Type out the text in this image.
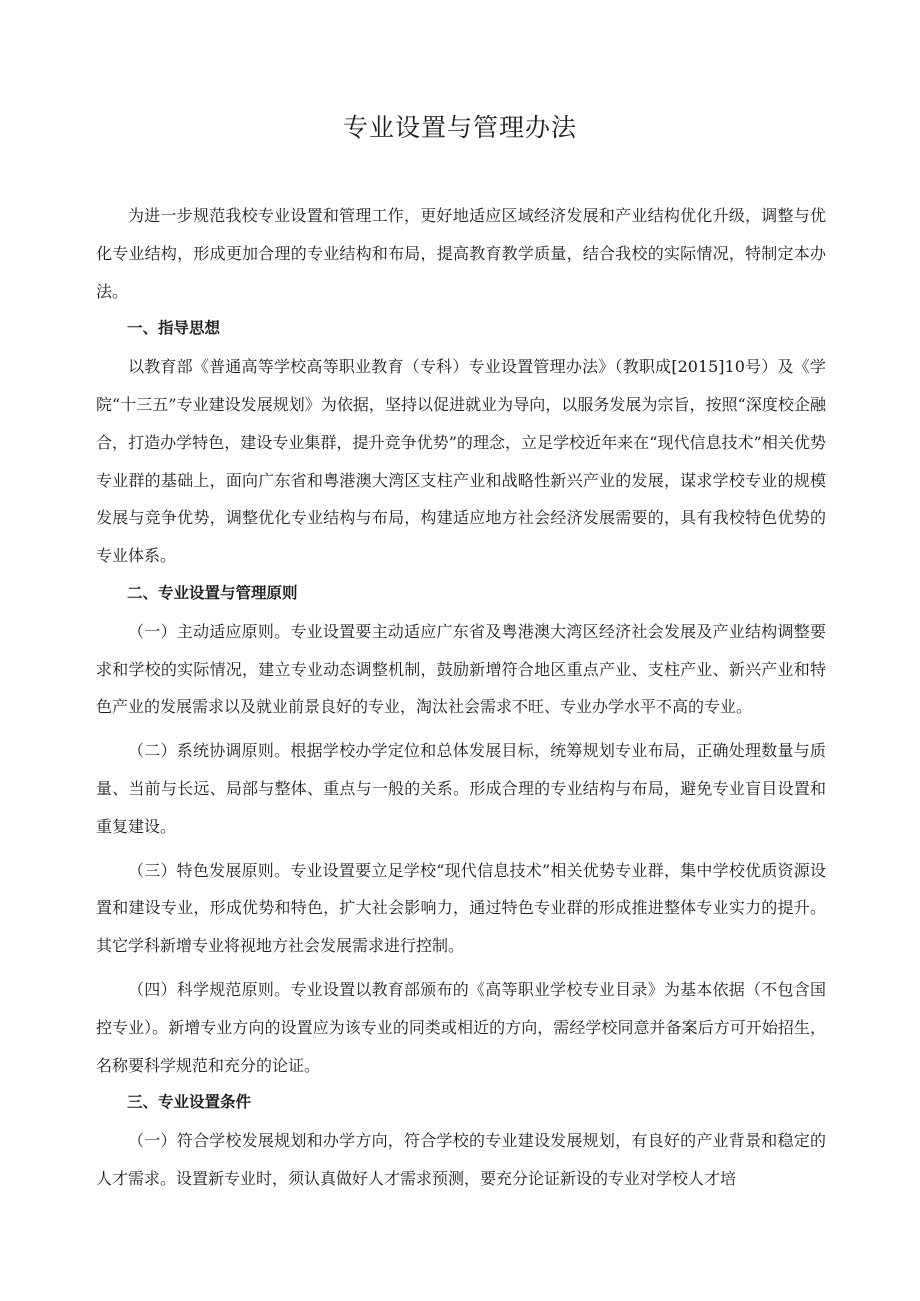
专业设置与管理办法

为进一步规范我校专业设置和管理工作，更好地适应区域经济发展和产业结构优化升级，调整与优化专业结构，形成更加合理的专业结构和布局，提高教育教学质量，结合我校的实际情况，特制定本办法。

一、指导思想

以教育部《普通高等学校高等职业教育（专科）专业设置管理办法》（教职成[2015]10号）及《学院“十三五”专业建设发展规划》为依据，坚持以促进就业为导向，以服务发展为宗旨，按照“深度校企融合，打造办学特色，建设专业集群，提升竞争优势”的理念，立足学校近年来在“现代信息技术”相关优势专业群的基础上，面向广东省和粤港澳大湾区支柱产业和战略性新兴产业的发展，谋求学校专业的规模发展与竞争优势，调整优化专业结构与布局，构建适应地方社会经济发展需要的，具有我校特色优势的专业体系。

二、专业设置与管理原则

（一）主动适应原则。专业设置要主动适应广东省及粤港澳大湾区经济社会发展及产业结构调整要求和学校的实际情况，建立专业动态调整机制，鼓励新增符合地区重点产业、支柱产业、新兴产业和特色产业的发展需求以及就业前景良好的专业，淘汰社会需求不旺、专业办学水平不高的专业。

（二）系统协调原则。根据学校办学定位和总体发展目标，统筹规划专业布局，正确处理数量与质量、当前与长远、局部与整体、重点与一般的关系。形成合理的专业结构与布局，避免专业盲目设置和重复建设。

（三）特色发展原则。专业设置要立足学校“现代信息技术”相关优势专业群，集中学校优质资源设置和建设专业，形成优势和特色，扩大社会影响力，通过特色专业群的形成推进整体专业实力的提升。其它学科新增专业将视地方社会发展需求进行控制。

（四）科学规范原则。专业设置以教育部颁布的《高等职业学校专业目录》为基本依据（不包含国控专业）。新增专业方向的设置应为该专业的同类或相近的方向，需经学校同意并备案后方可开始招生，名称要科学规范和充分的论证。

三、专业设置条件

（一）符合学校发展规划和办学方向，符合学校的专业建设发展规划，有良好的产业背景和稳定的人才需求。设置新专业时，须认真做好人才需求预测，要充分论证新设的专业对学校人才培
